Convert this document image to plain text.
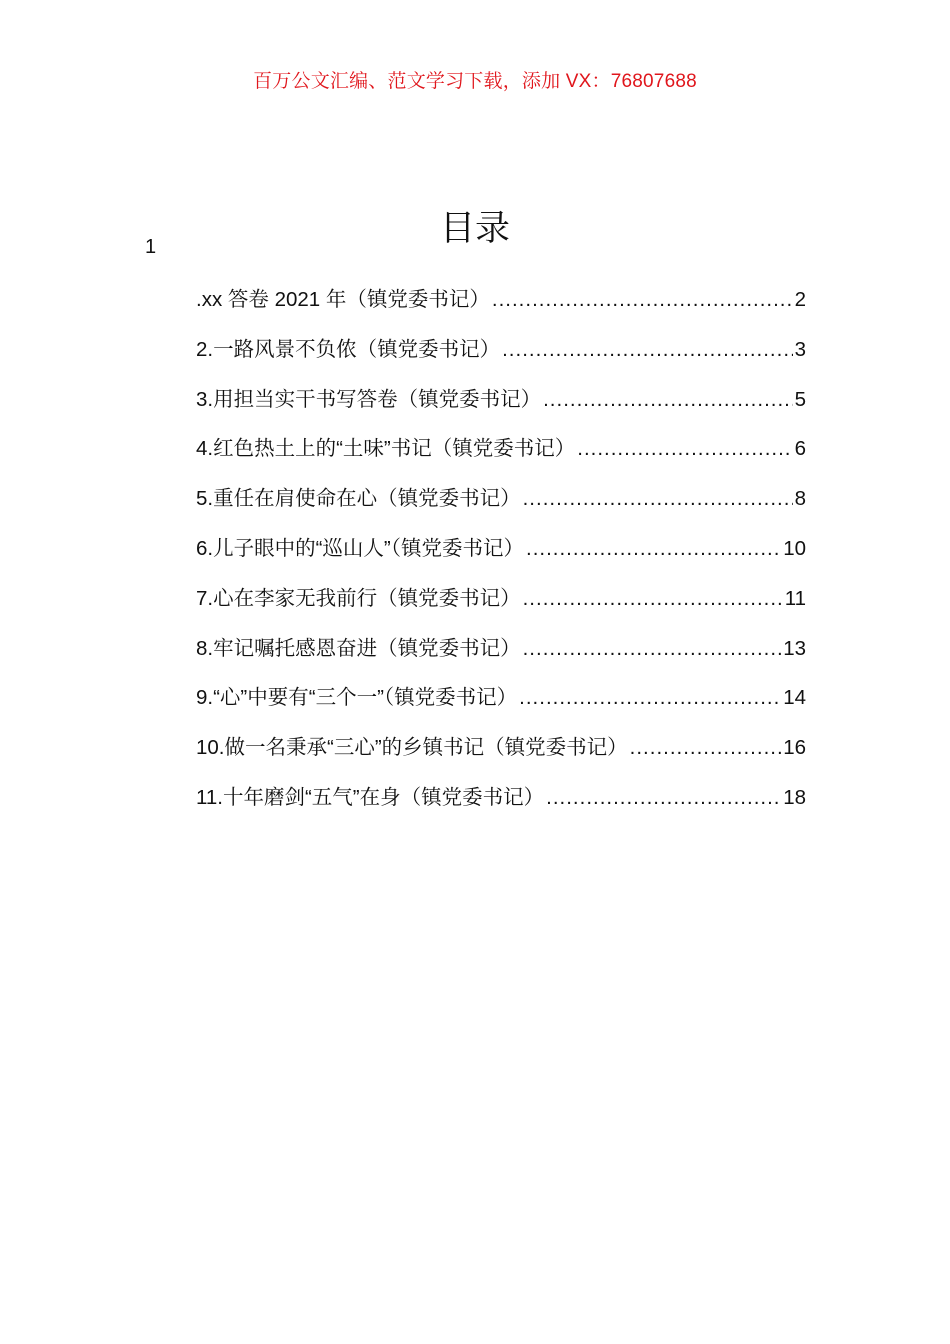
百万公文汇编、范文学习下载，添加 VX：76807688
目录
1
.xx 答卷 2021 年（镇党委书记） .....	2
2.一路风景不负侬（镇党委书记） .....	3
3.用担当实干书写答卷（镇党委书记） .....	5
4.红色热土上的“土味”书记（镇党委书记） .....	6
5.重任在肩使命在心（镇党委书记） .....	8
6.儿子眼中的“巡山人”（镇党委书记） .....	10
7.心在李家无我前行（镇党委书记） .....	11
8.牢记嘱托感恩奋进（镇党委书记） .....	13
9.“心”中要有“三个一”（镇党委书记） .....	14
10.做一名秉承“三心”的乡镇书记（镇党委书记） .....	16
11.十年磨剑“五气”在身（镇党委书记） .....	18
